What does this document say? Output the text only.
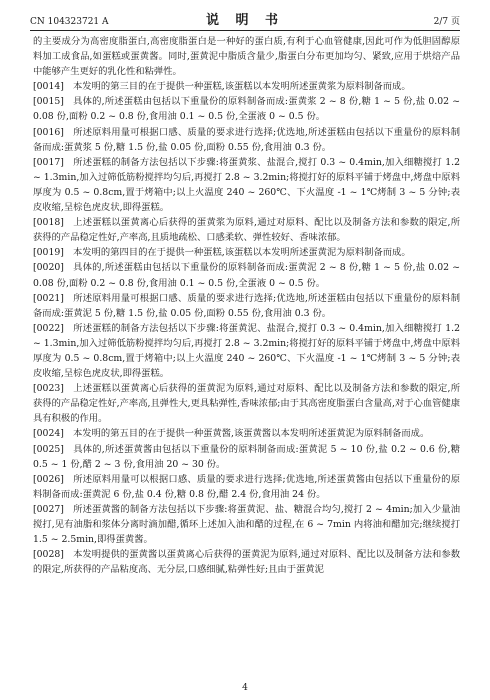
CN 104323721 A	说 明 书	2/7 页

的主要成分为高密度脂蛋白,高密度脂蛋白是一种好的蛋白质,有利于心血管健康,因此可作为低胆固醇原料加工成食品,如蛋糕或蛋黄酱。同时,蛋黄泥中脂质含量少,脂蛋白分布更加均匀、紧致,应用于烘焙产品中能够产生更好的乳化性和粘弹性。

[0014] 本发明的第三目的在于提供一种蛋糕,该蛋糕以本发明所述蛋黄浆为原料制备而成。

[0015] 具体的,所述蛋糕由包括以下重量份的原料制备而成:蛋黄浆 2 ~ 8 份,糖 1 ~ 5 份,盐 0.02 ~ 0.08 份,面粉 0.2 ~ 0.8 份,食用油 0.1 ~ 0.5 份,全蛋液 0 ~ 0.5 份。

[0016] 所述原料用量可根据口感、质量的要求进行选择;优选地,所述蛋糕由包括以下重量份的原料制备而成:蛋黄浆 5 份,糖 1.5 份,盐 0.05 份,面粉 0.55 份,食用油 0.3 份。

[0017] 所述蛋糕的制备方法包括以下步骤:将蛋黄浆、盐混合,搅打 0.3 ~ 0.4min,加入细糖搅打 1.2 ~ 1.3min,加入过筛低筋粉搅拌均匀后,再搅打 2.8 ~ 3.2min;将搅打好的原料平铺于烤盘中,烤盘中原料厚度为 0.5 ~ 0.8cm,置于烤箱中;以上火温度 240 ~ 260℃、下火温度 -1 ~ 1℃烤制 3 ~ 5 分钟;表皮收缩,呈棕色虎皮状,即得蛋糕。

[0018] 上述蛋糕以蛋黄离心后获得的蛋黄浆为原料,通过对原料、配比以及制备方法和参数的限定,所获得的产品稳定性好,产率高,且质地疏松、口感柔软、弹性较好、香味浓郁。

[0019] 本发明的第四目的在于提供一种蛋糕,该蛋糕以本发明所述蛋黄泥为原料制备而成。

[0020] 具体的,所述蛋糕由包括以下重量份的原料制备而成:蛋黄泥 2 ~ 8 份,糖 1 ~ 5 份,盐 0.02 ~ 0.08 份,面粉 0.2 ~ 0.8 份,食用油 0.1 ~ 0.5 份,全蛋液 0 ~ 0.5 份。

[0021] 所述原料用量可根据口感、质量的要求进行选择;优选地,所述蛋糕由包括以下重量份的原料制备而成:蛋黄泥 5 份,糖 1.5 份,盐 0.05 份,面粉 0.55 份,食用油 0.3 份。

[0022] 所述蛋糕的制备方法包括以下步骤:将蛋黄泥、盐混合,搅打 0.3 ~ 0.4min,加入细糖搅打 1.2 ~ 1.3min,加入过筛低筋粉搅拌均匀后,再搅打 2.8 ~ 3.2min;将搅打好的原料平铺于烤盘中,烤盘中原料厚度为 0.5 ~ 0.8cm,置于烤箱中;以上火温度 240 ~ 260℃、下火温度 -1 ~ 1℃烤制 3 ~ 5 分钟;表皮收缩,呈棕色虎皮状,即得蛋糕。

[0023] 上述蛋糕以蛋黄离心后获得的蛋黄泥为原料,通过对原料、配比以及制备方法和参数的限定,所获得的产品稳定性好,产率高,且弹性大,更具粘弹性,香味浓郁;由于其高密度脂蛋白含量高,对于心血管健康具有积极的作用。

[0024] 本发明的第五目的在于提供一种蛋黄酱,该蛋黄酱以本发明所述蛋黄泥为原料制备而成。

[0025] 具体的,所述蛋黄酱由包括以下重量份的原料制备而成:蛋黄泥 5 ~ 10 份,盐 0.2 ~ 0.6 份,糖 0.5 ~ 1 份,醋 2 ~ 3 份,食用油 20 ~ 30 份。

[0026] 所述原料用量可以根据口感、质量的要求进行选择;优选地,所述蛋黄酱由包括以下重量份的原料制备而成:蛋黄泥 6 份,盐 0.4 份,糖 0.8 份,醋 2.4 份,食用油 24 份。

[0027] 所述蛋黄酱的制备方法包括以下步骤:将蛋黄泥、盐、糖混合均匀,搅打 2 ~ 4min;加入少量油搅打,见有油脂和浆体分离时滴加醋,循环上述加入油和醋的过程,在 6 ~ 7min 内将油和醋加完;继续搅打 1.5 ~ 2.5min,即得蛋黄酱。

[0028] 本发明提供的蛋黄酱以蛋黄离心后获得的蛋黄泥为原料,通过对原料、配比以及制备方法和参数的限定,所获得的产品粘度高、无分层,口感细腻,粘弹性好;且由于蛋黄泥

4
